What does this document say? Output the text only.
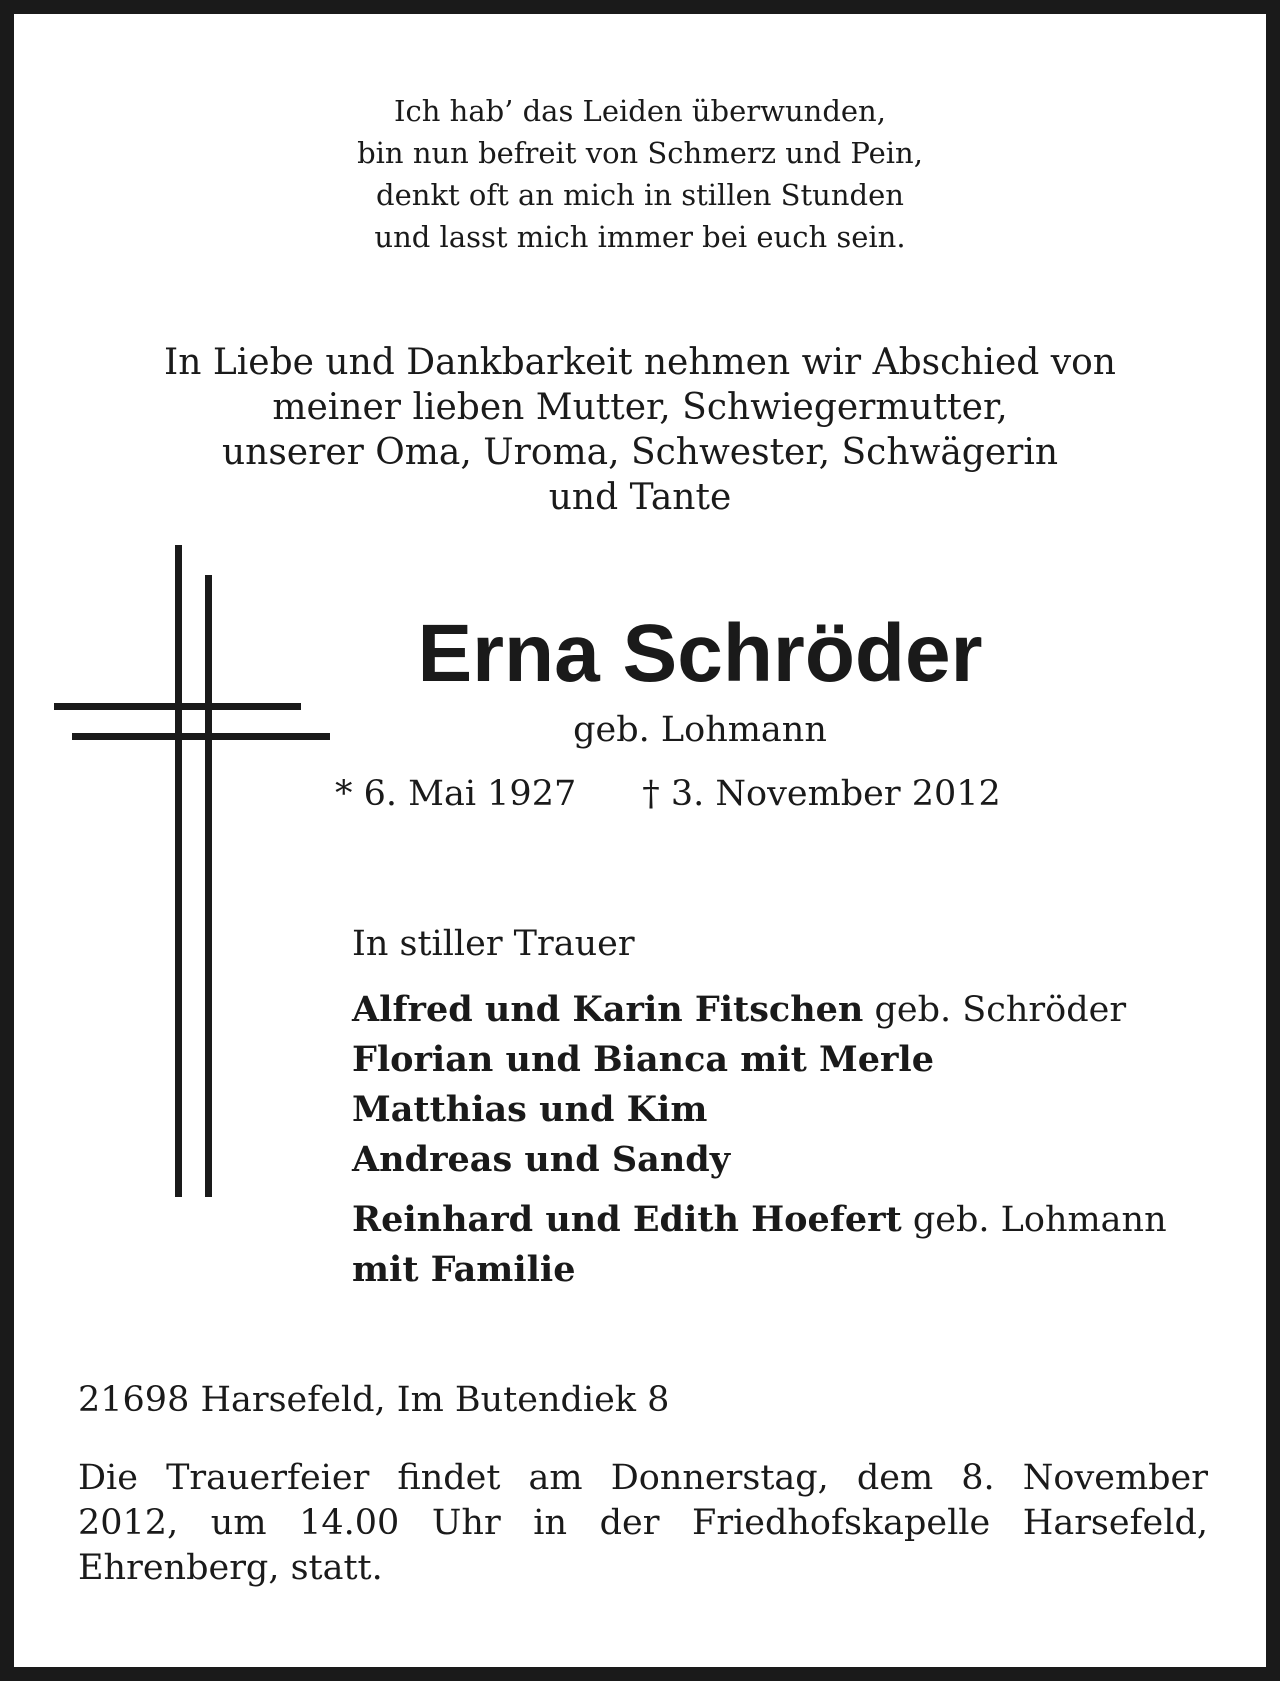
Ich hab’ das Leiden überwunden,
bin nun befreit von Schmerz und Pein,
denkt oft an mich in stillen Stunden
und lasst mich immer bei euch sein.
In Liebe und Dankbarkeit nehmen wir Abschied von
meiner lieben Mutter, Schwiegermutter,
unserer Oma, Uroma, Schwester, Schwägerin
und Tante
Erna Schröder
geb. Lohmann
* 6. Mai 1927 † 3. November 2012
In stiller Trauer
Alfred und Karin Fitschen geb. Schröder
Florian und Bianca mit Merle
Matthias und Kim
Andreas und Sandy
Reinhard und Edith Hoefert geb. Lohmann
mit Familie
21698 Harsefeld, Im Butendiek 8
Die Trauerfeier findet am Donnerstag, dem 8. November
2012, um 14.00 Uhr in der Friedhofskapelle Harsefeld,
Ehrenberg, statt.
